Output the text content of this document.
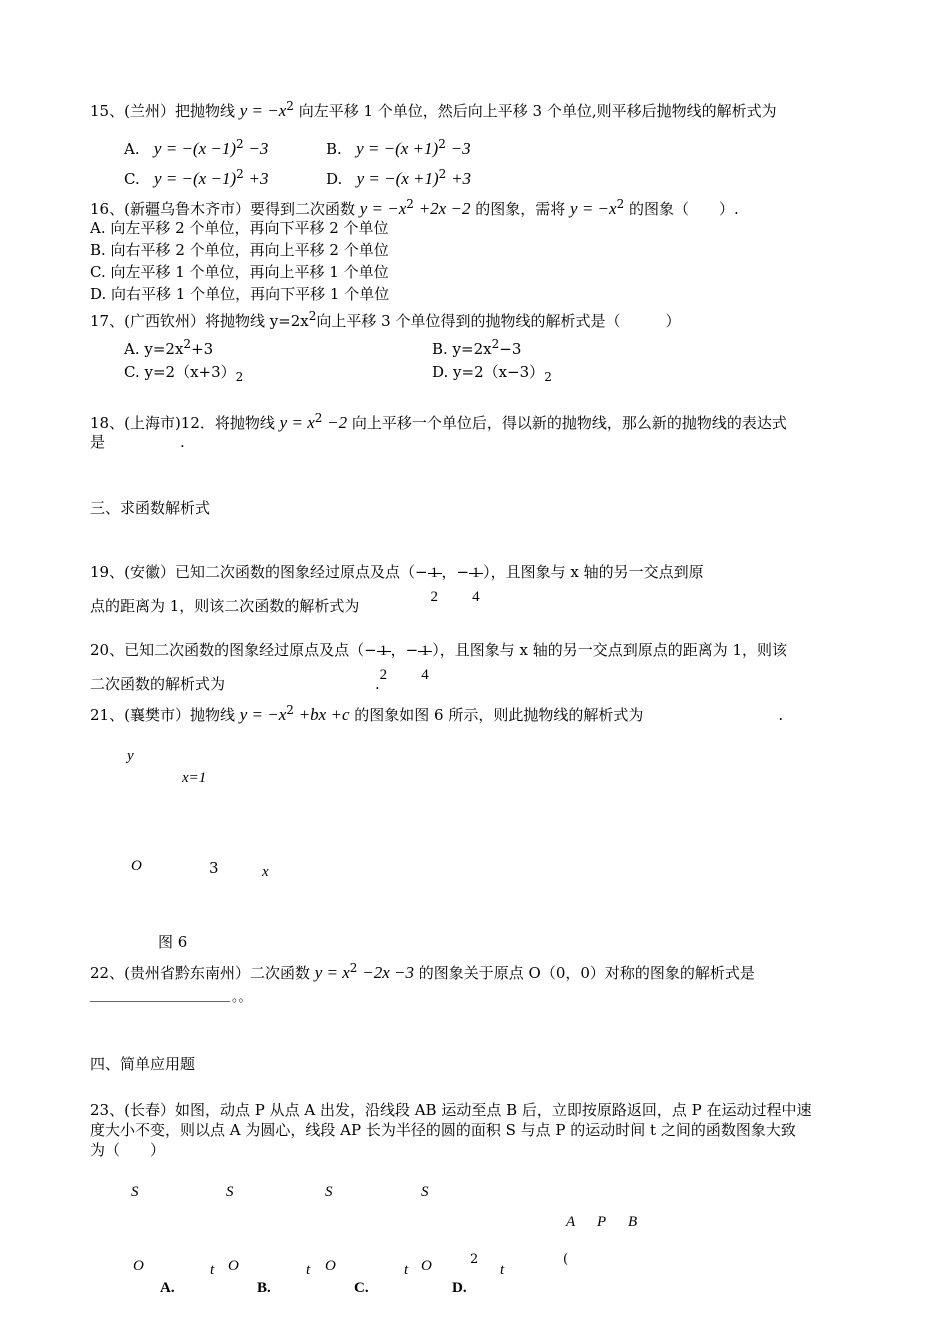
15、(兰州）把抛物线 $y = -x^2$ 向左平移 1 个单位，然后向上平移 3 个单位,则平移后抛物线的解析式为
A. $y = -(x -1)^2 -3$	B. $y = -(x +1)^2 -3$
C. $y = -(x -1)^2 +3$	D. $y = -(x +1)^2 +3$
16、(新疆乌鲁木齐市）要得到二次函数 $y = -x^2 +2x -2$ 的图象，需将 $y = -x^2$ 的图象（　　）.
A. 向左平移 2 个单位，再向下平移 2 个单位
B. 向右平移 2 个单位，再向上平移 2 个单位
C. 向左平移 1 个单位，再向上平移 1 个单位
D. 向右平移 1 个单位，再向下平移 1 个单位
17、(广西钦州）将抛物线 $y=2x^2$向上平移 3 个单位得到的抛物线的解析式是（　　　）
A. $y=2x^2+3$	B. $y=2x^2-3$
C. $y=2(x+3)_2$	D. $y=2(x-3)_2$
18、(上海市)12．将抛物线 $y = x^2 -2$ 向上平移一个单位后，得以新的抛物线，那么新的抛物线的表达式
是　　　　　.
三、求函数解析式
19、(安徽）已知二次函数的图象经过原点及点（−
2
，−
4
），且图象与 x 轴的另一交点到原
点的距离为 1，则该二次函数的解析式为
20、已知二次函数的图象经过原点及点（−
2
，−
4
），且图象与 x 轴的另一交点到原点的距离为 1，则该
二次函数的解析式为　　　　　　　　　　.
21、(襄樊市）抛物线 $y = -x^2 +bx +c$ 的图象如图 6 所示，则此抛物线的解析式为　　　　　　　　　.
y
x=1
O	3	x
图 6
22、(贵州省黔东南州）二次函数 $y = x^2 -2x -3$ 的图象关于原点 O（0，0）对称的图象的解析式是
。。
四、简单应用题
23、(长春）如图，动点 P 从点 A 出发，沿线段 AB 运动至点 B 后，立即按原路返回，点 P 在运动过程中速
度大小不变，则以点 A 为圆心，线段 AP 长为半径的圆的面积 S 与点 P 的运动时间 t 之间的函数图象大致
为（　　）
S	S	S	S
A P B
O	t O	t O	t O	2
t
(
A.	B.	C.	D.
